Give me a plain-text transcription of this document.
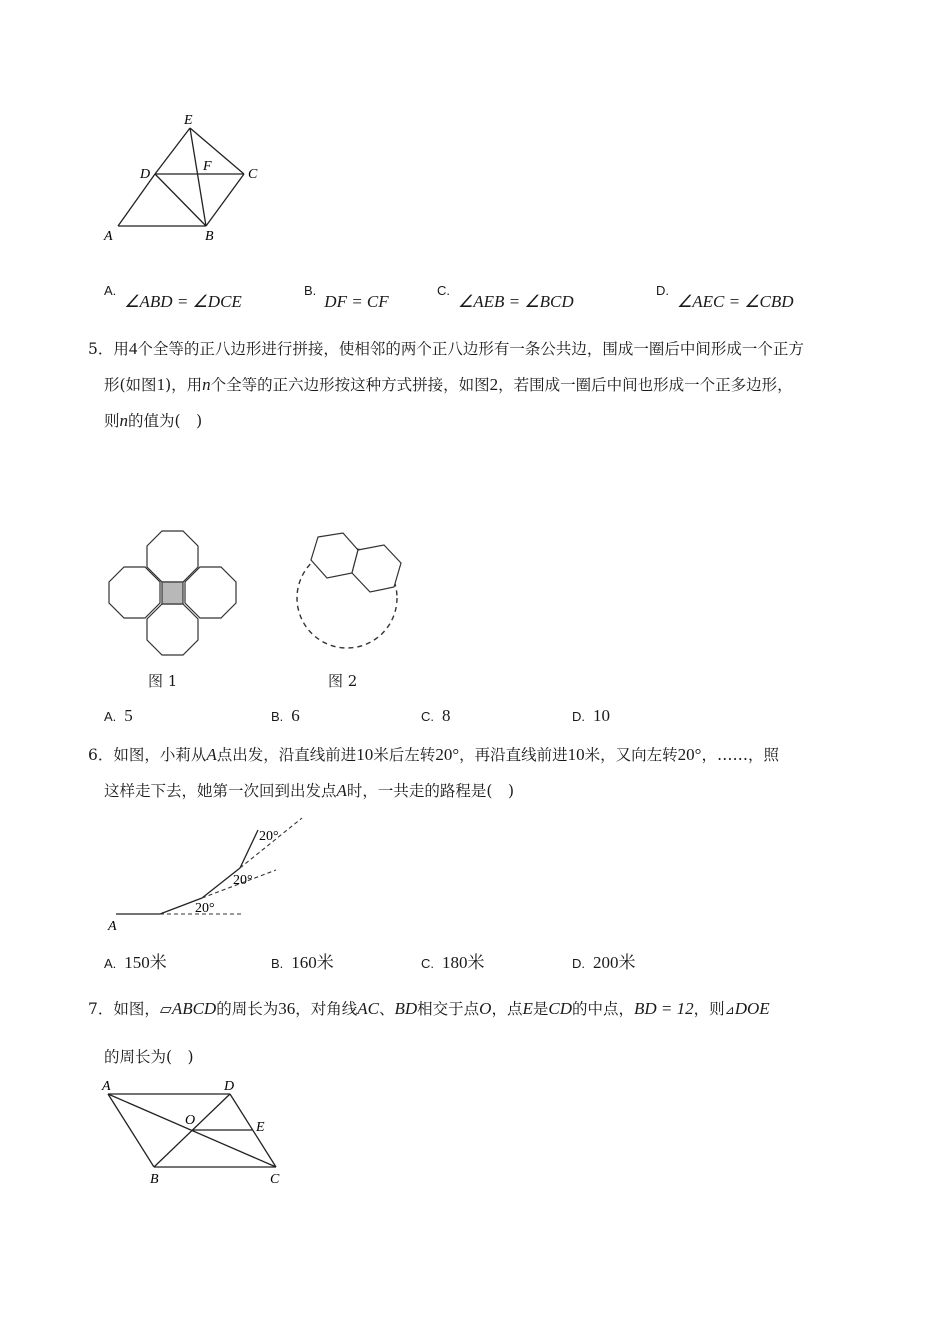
E
D
F
C
A	B
$^{A.}$∠ABD = ∠DCE
$^{B.}$DF = CF
$^{C.}$∠AEB = ∠BCD
$^{D.}$∠AEC = ∠CBD
5．用4个全等的正八边形进行拼接，使相邻的两个正八边形有一条公共边，围成一圈后中间形成一个正方
形(如图1)，用n个全等的正六边形按这种方式拼接，如图2，若围成一圈后中间也形成一个正多边形，
则n的值为(　)
图 1	图 2
A. 5	B. 6	C. 8	D. 10
6．如图，小莉从A点出发，沿直线前进10米后左转20°，再沿直线前进10米，又向左转20°，……，照
这样走下去，她第一次回到出发点A时，一共走的路程是(　)
20°
20°
20°
A
A. 150米	B. 160米	C. 180米	D. 200米
7．如图，▱ABCD的周长为36，对角线AC、BD相交于点O，点E是CD的中点，BD = 12，则⊿DOE
的周长为(　)
A	D
O	E
B	C
